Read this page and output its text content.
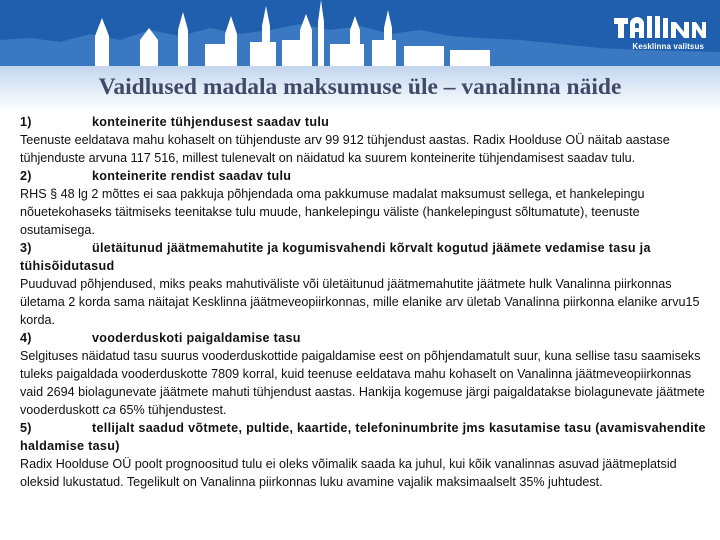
Kesklinna valitsus
Vaidlused madala maksumuse üle – vanalinna näide

1)	konteinerite tühjendusest saadav tulu

Teenuste eeldatava mahu kohaselt on tühjenduste arv 99 912 tühjendust aastas. Radix Hoolduse OÜ näitab aastase tühjenduste arvuna 117 516, millest tulenevalt on näidatud ka suurem konteinerite tühjendamisest saadav tulu.

2)	konteinerite rendist saadav tulu

RHS § 48 lg 2 mõttes ei saa pakkuja põhjendada oma pakkumuse madalat maksumust sellega, et hankelepingu nõuetekohaseks täitmiseks teenitakse tulu muude, hankelepingu väliste (hankelepingust sõltumatute), teenuste osutamisega.

3)	ületäitunud jäätmemahutite ja kogumisvahendi kõrvalt kogutud jäämete vedamise tasu ja tühisõidutasud

Puuduvad põhjendused, miks peaks mahutiväliste või ületäitunud jäätmemahutite jäätmete hulk Vanalinna piirkonnas ületama 2 korda sama näitajat Kesklinna jäätmeveopiirkonnas, mille elanike arv ületab Vanalinna piirkonna elanike arvu15 korda.

4)	vooderduskoti paigaldamise tasu

Selgituses näidatud tasu suurus vooderduskottide paigaldamise eest on põhjendamatult suur, kuna sellise tasu saamiseks tuleks paigaldada vooderduskotte 7809 korral, kuid teenuse eeldatava mahu kohaselt on Vanalinna jäätmeveopiirkonnas vaid 2694 biolagunevate jäätmete mahuti tühjendust aastas. Hankija kogemuse järgi paigaldatakse biolagunevate jäätmete vooderduskott ca 65% tühjendustest.

5)	tellijalt saadud võtmete, pultide, kaartide, telefoninumbrite jms kasutamise tasu (avamisvahendite haldamise tasu)

Radix Hoolduse OÜ poolt prognoositud tulu ei oleks võimalik saada ka juhul, kui kõik vanalinnas asuvad jäätmeplatsid oleksid lukustatud. Tegelikult on Vanalinna piirkonnas luku avamine vajalik maksimaalselt 35% juhtudest.
